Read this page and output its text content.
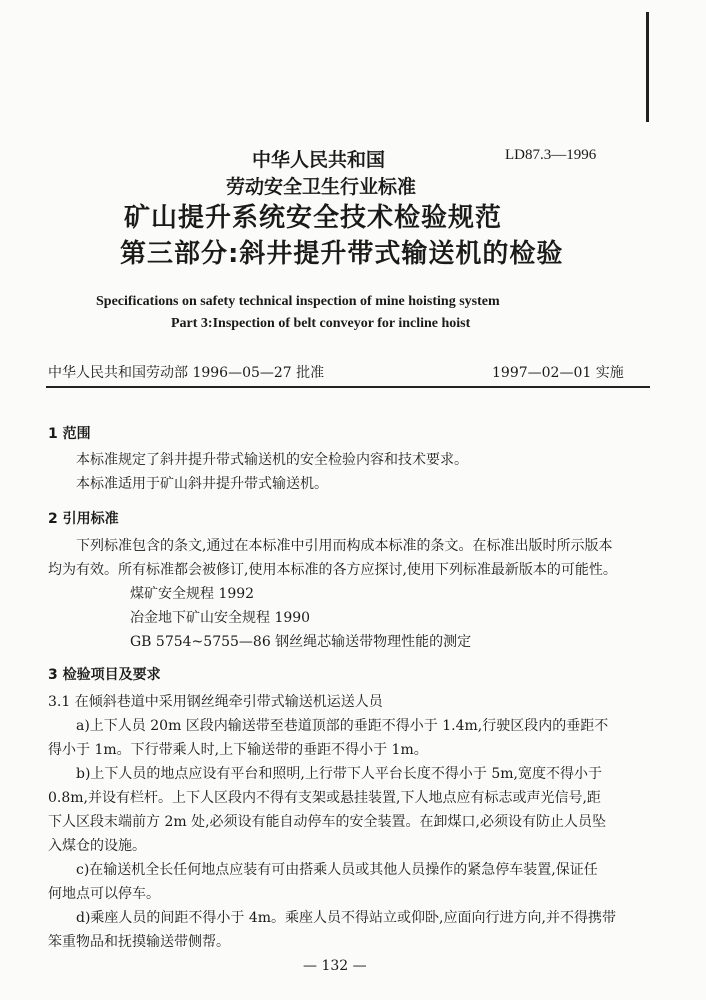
中华人民共和国	LD87.3—1996
劳动安全卫生行业标准
矿山提升系统安全技术检验规范
第三部分:斜井提升带式输送机的检验
Specifications on safety technical inspection of mine hoisting system
Part 3:Inspection of belt conveyor for incline hoist
中华人民共和国劳动部 1996—05—27 批准	1997—02—01 实施
1 范围
本标准规定了斜井提升带式输送机的安全检验内容和技术要求。
本标准适用于矿山斜井提升带式输送机。
2 引用标准
下列标准包含的条文,通过在本标准中引用而构成本标准的条文。在标准出版时所示版本
均为有效。所有标准都会被修订,使用本标准的各方应探讨,使用下列标准最新版本的可能性。
煤矿安全规程 1992
冶金地下矿山安全规程 1990
GB 5754~5755—86 钢丝绳芯输送带物理性能的测定
3 检验项目及要求
3.1 在倾斜巷道中采用钢丝绳牵引带式输送机运送人员
a)上下人员 20m 区段内输送带至巷道顶部的垂距不得小于 1.4m,行驶区段内的垂距不
得小于 1m。下行带乘人时,上下输送带的垂距不得小于 1m。
b)上下人员的地点应设有平台和照明,上行带下人平台长度不得小于 5m,宽度不得小于
0.8m,并设有栏杆。上下人区段内不得有支架或悬挂装置,下人地点应有标志或声光信号,距
下人区段末端前方 2m 处,必须设有能自动停车的安全装置。在卸煤口,必须设有防止人员坠
入煤仓的设施。
c)在输送机全长任何地点应装有可由搭乘人员或其他人员操作的紧急停车装置,保证任
何地点可以停车。
d)乘座人员的间距不得小于 4m。乘座人员不得站立或仰卧,应面向行进方向,并不得携带
笨重物品和抚摸输送带侧帮。
— 132 —
